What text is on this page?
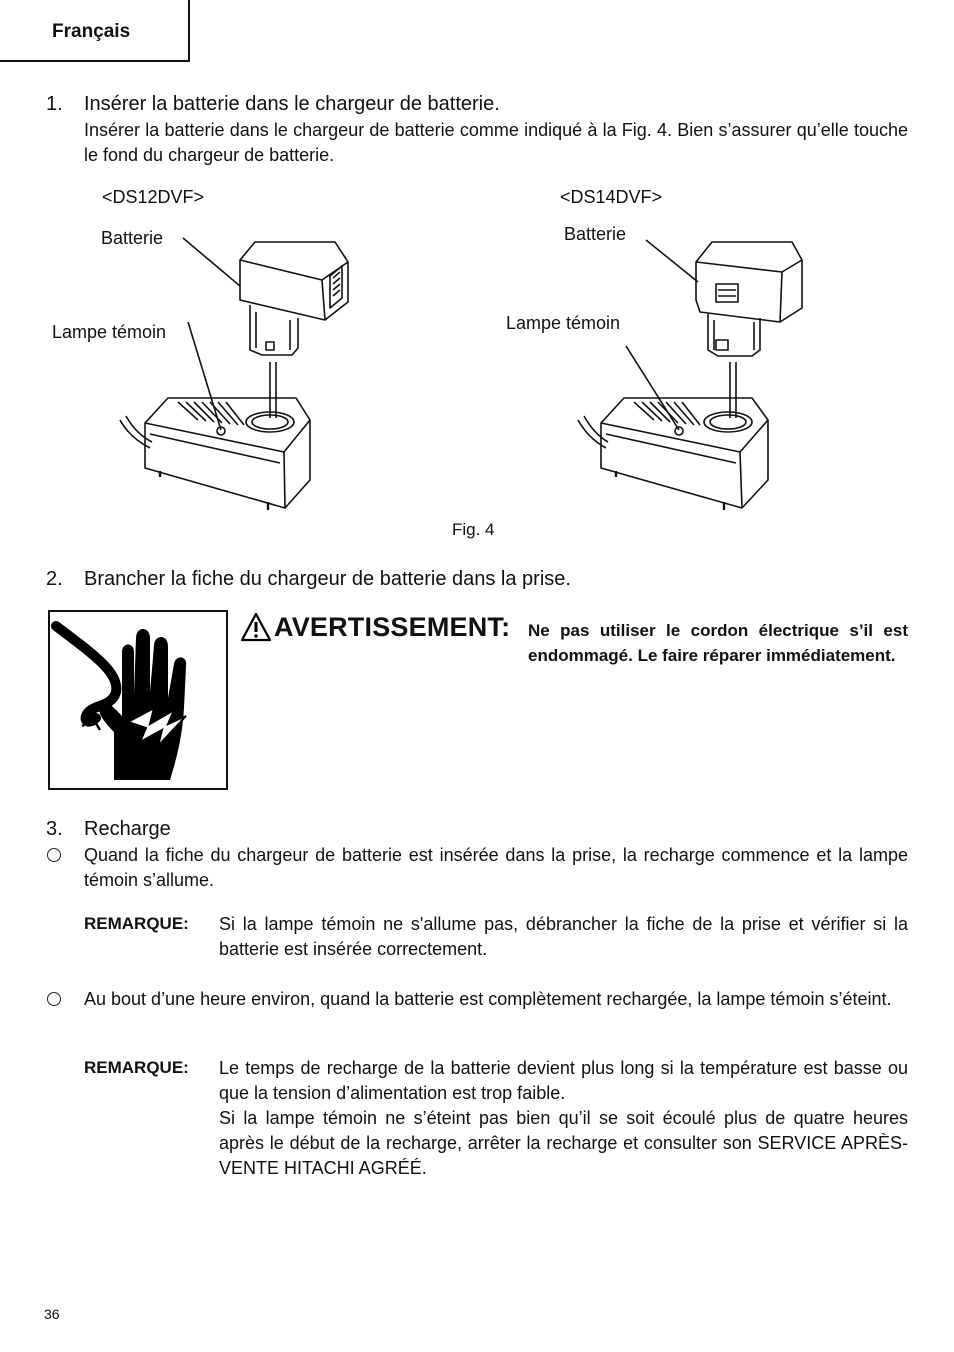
Français
1.	Insérer la batterie dans le chargeur de batterie.
Insérer la batterie dans le chargeur de batterie comme indiqué à la Fig. 4. Bien s’assurer qu’elle touche le fond du chargeur de batterie.
<DS12DVF>	<DS14DVF>
Batterie	Batterie
Lampe témoin	Lampe témoin
Fig. 4
2.	Brancher la fiche du chargeur de batterie dans la prise.
AVERTISSEMENT: Ne pas utiliser le cordon électrique s’il est endommagé. Le faire réparer immédiatement.
3.	Recharge
Quand la fiche du chargeur de batterie est insérée dans la prise, la recharge commence et la lampe témoin s’allume.
REMARQUE: Si la lampe témoin ne s'allume pas, débrancher la fiche de la prise et vérifier si la batterie est insérée correctement.
Au bout d’une heure environ, quand la batterie est complètement rechargée, la lampe témoin s’éteint.
REMARQUE: Le temps de recharge de la batterie devient plus long si la température est basse ou que la tension d’alimentation est trop faible.
Si la lampe témoin ne s’éteint pas bien qu’il se soit écoulé plus de quatre heures après le début de la recharge, arrêter la recharge et consulter son SERVICE APRÈS-VENTE HITACHI AGRÉÉ.
36
